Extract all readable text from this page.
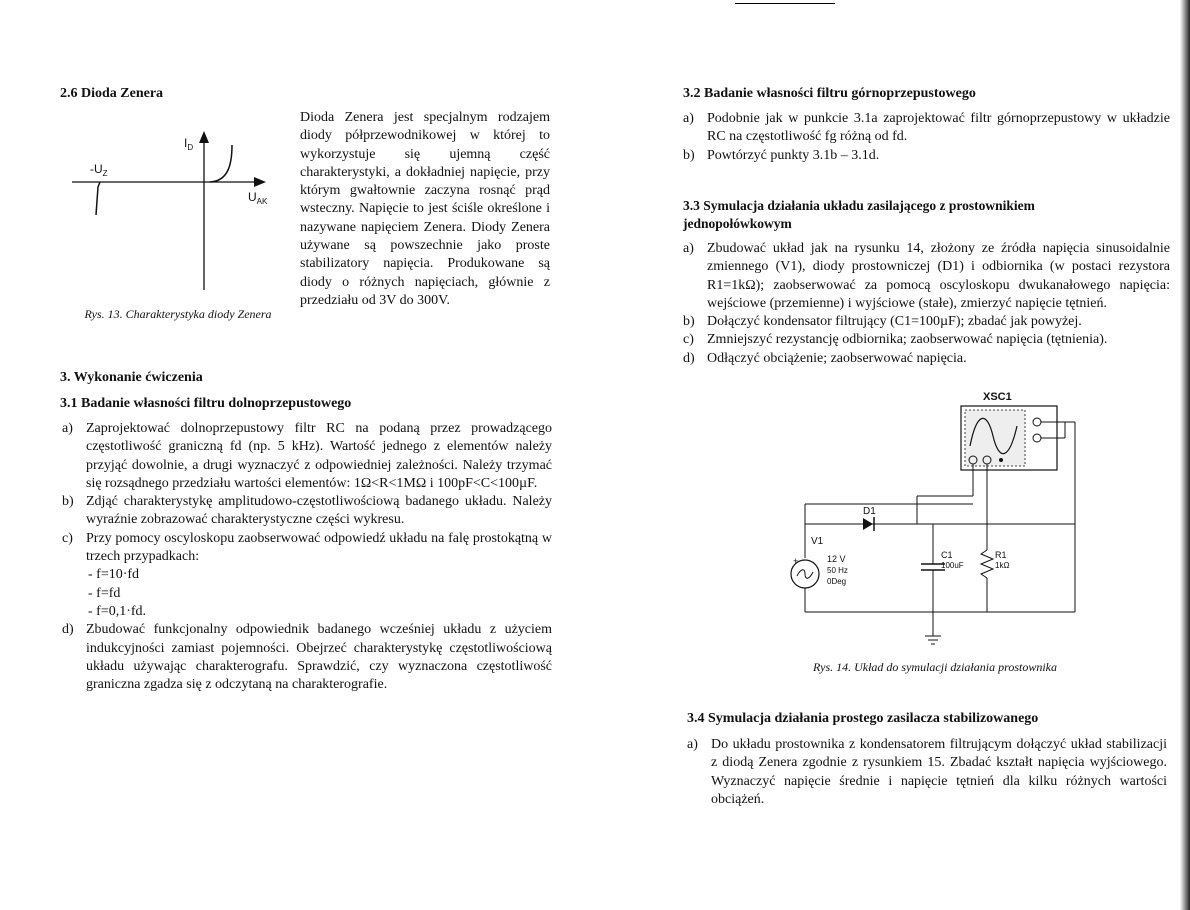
2.6 Dioda Zenera
$-U_Z$
$I_D$
$U_{AK}$
Rys. 13. Charakterystyka diody Zenera
Dioda Zenera jest specjalnym rodzajem diody półprzewodnikowej w której to wykorzystuje się ujemną część charakterystyki, a dokładniej napięcie, przy którym gwałtownie zaczyna rosnąć prąd wsteczny. Napięcie to jest ściśle określone i nazywane napięciem Zenera. Diody Zenera używane są powszechnie jako proste stabilizatory napięcia. Produkowane są diody o różnych napięciach, głównie z przedziału od 3V do 300V.
3. Wykonanie ćwiczenia
3.1 Badanie własności filtru dolnoprzepustowego
a) Zaprojektować dolnoprzepustowy filtr RC na podaną przez prowadzącego częstotliwość graniczną fd (np. 5 kHz). Wartość jednego z elementów należy przyjąć dowolnie, a drugi wyznaczyć z odpowiedniej zależności. Należy trzymać się rozsądnego przedziału wartości elementów: 1Ω<R<1MΩ i 100pF<C<100µF.
b) Zdjąć charakterystykę amplitudowo-częstotliwościową badanego układu. Należy wyraźnie zobrazować charakterystyczne części wykresu.
c) Przy pomocy oscyloskopu zaobserwować odpowiedź układu na falę prostokątną w trzech przypadkach:
- f=10·fd
- f=fd
- f=0,1·fd.
d) Zbudować funkcjonalny odpowiednik badanego wcześniej układu z użyciem indukcyjności zamiast pojemności. Obejrzeć charakterystykę częstotliwościową układu używając charakterografu. Sprawdzić, czy wyznaczona częstotliwość graniczna zgadza się z odczytaną na charakterografie.
3.2 Badanie własności filtru górnoprzepustowego
a) Podobnie jak w punkcie 3.1a zaprojektować filtr górnoprzepustowy w układzie RC na częstotliwość fg różną od fd.
b) Powtórzyć punkty 3.1b – 3.1d.
3.3 Symulacja działania układu zasilającego z prostownikiem jednopołówkowym
a) Zbudować układ jak na rysunku 14, złożony ze źródła napięcia sinusoidalnie zmiennego (V1), diody prostowniczej (D1) i odbiornika (w postaci rezystora R1=1kΩ); zaobserwować za pomocą oscyloskopu dwukanałowego napięcia: wejściowe (przemienne) i wyjściowe (stałe), zmierzyć napięcie tętnień.
b) Dołączyć kondensator filtrujący (C1=100µF); zbadać jak powyżej.
c) Zmniejszyć rezystancję odbiornika; zaobserwować napięcia (tętnienia).
d) Odłączyć obciążenie; zaobserwować napięcia.
XSC1
D1
V1
+	12 V
50 Hz
0Deg
C1
100uF
R1
1kΩ
Rys. 14. Układ do symulacji działania prostownika
3.4 Symulacja działania prostego zasilacza stabilizowanego
a) Do układu prostownika z kondensatorem filtrującym dołączyć układ stabilizacji z diodą Zenera zgodnie z rysunkiem 15. Zbadać kształt napięcia wyjściowego. Wyznaczyć napięcie średnie i napięcie tętnień dla kilku różnych wartości obciążeń.
